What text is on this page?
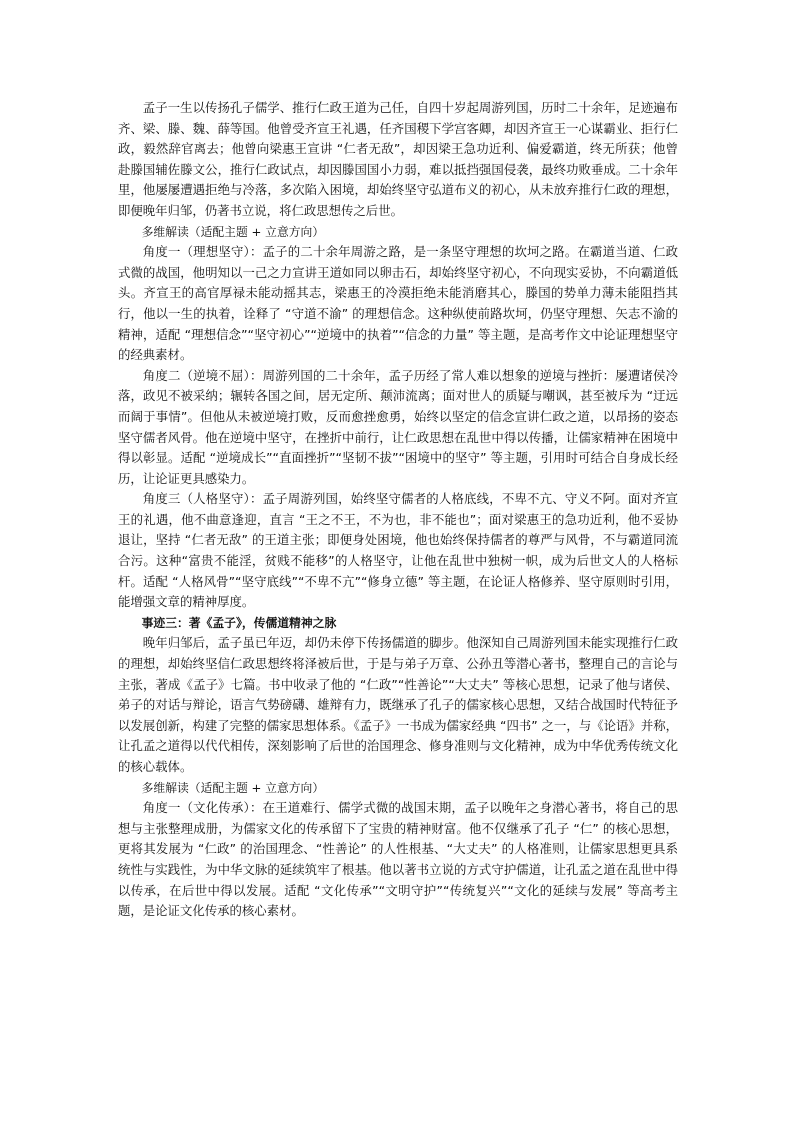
孟子一生以传扬孔子儒学、推行仁政王道为己任，自四十岁起周游列国，历时二十余年，足迹遍布齐、梁、滕、魏、薛等国。他曾受齐宣王礼遇，任齐国稷下学宫客卿，却因齐宣王一心谋霸业、拒行仁政，毅然辞官离去；他曾向梁惠王宣讲 “仁者无敌”，却因梁王急功近利、偏爱霸道，终无所获；他曾赴滕国辅佐滕文公，推行仁政试点，却因滕国国小力弱，难以抵挡强国侵袭，最终功败垂成。二十余年里，他屡屡遭遇拒绝与冷落，多次陷入困境，却始终坚守弘道布义的初心，从未放弃推行仁政的理想，即便晚年归邹，仍著书立说，将仁政思想传之后世。

多维解读（适配主题 + 立意方向）

角度一（理想坚守）：孟子的二十余年周游之路，是一条坚守理想的坎坷之路。在霸道当道、仁政式微的战国，他明知以一己之力宣讲王道如同以卵击石，却始终坚守初心，不向现实妥协，不向霸道低头。齐宣王的高官厚禄未能动摇其志，梁惠王的冷漠拒绝未能消磨其心，滕国的势单力薄未能阻挡其行，他以一生的执着，诠释了 “守道不渝” 的理想信念。这种纵使前路坎坷，仍坚守理想、矢志不渝的精神，适配 “理想信念”“坚守初心”“逆境中的执着”“信念的力量” 等主题，是高考作文中论证理想坚守的经典素材。

角度二（逆境不屈）：周游列国的二十余年，孟子历经了常人难以想象的逆境与挫折：屡遭诸侯冷落，政见不被采纳；辗转各国之间，居无定所、颠沛流离；面对世人的质疑与嘲讽，甚至被斥为 “迂远而阔于事情”。但他从未被逆境打败，反而愈挫愈勇，始终以坚定的信念宣讲仁政之道，以昂扬的姿态坚守儒者风骨。他在逆境中坚守，在挫折中前行，让仁政思想在乱世中得以传播，让儒家精神在困境中得以彰显。适配 “逆境成长”“直面挫折”“坚韧不拔”“困境中的坚守” 等主题，引用时可结合自身成长经历，让论证更具感染力。

角度三（人格坚守）：孟子周游列国，始终坚守儒者的人格底线，不卑不亢、守义不阿。面对齐宣王的礼遇，他不曲意逢迎，直言 “王之不王，不为也，非不能也”；面对梁惠王的急功近利，他不妥协退让，坚持 “仁者无敌” 的王道主张；即便身处困境，他也始终保持儒者的尊严与风骨，不与霸道同流合污。这种“富贵不能淫，贫贱不能移”的人格坚守，让他在乱世中独树一帜，成为后世文人的人格标杆。适配 “人格风骨”“坚守底线”“不卑不亢”“修身立德” 等主题，在论证人格修养、坚守原则时引用，能增强文章的精神厚度。

事迹三：著《孟子》，传儒道精神之脉

晚年归邹后，孟子虽已年迈，却仍未停下传扬儒道的脚步。他深知自己周游列国未能实现推行仁政的理想，却始终坚信仁政思想终将泽被后世，于是与弟子万章、公孙丑等潜心著书，整理自己的言论与主张，著成《孟子》七篇。书中收录了他的 “仁政”“性善论”“大丈夫” 等核心思想，记录了他与诸侯、弟子的对话与辩论，语言气势磅礴、雄辩有力，既继承了孔子的儒家核心思想，又结合战国时代特征予以发展创新，构建了完整的儒家思想体系。《孟子》一书成为儒家经典 “四书” 之一，与《论语》并称，让孔孟之道得以代代相传，深刻影响了后世的治国理念、修身准则与文化精神，成为中华优秀传统文化的核心载体。

多维解读（适配主题 + 立意方向）

角度一（文化传承）：在王道难行、儒学式微的战国末期，孟子以晚年之身潜心著书，将自己的思想与主张整理成册，为儒家文化的传承留下了宝贵的精神财富。他不仅继承了孔子 “仁” 的核心思想，更将其发展为 “仁政” 的治国理念、“性善论” 的人性根基、“大丈夫” 的人格准则，让儒家思想更具系统性与实践性，为中华文脉的延续筑牢了根基。他以著书立说的方式守护儒道，让孔孟之道在乱世中得以传承，在后世中得以发展。适配 “文化传承”“文明守护”“传统复兴”“文化的延续与发展” 等高考主题，是论证文化传承的核心素材。
